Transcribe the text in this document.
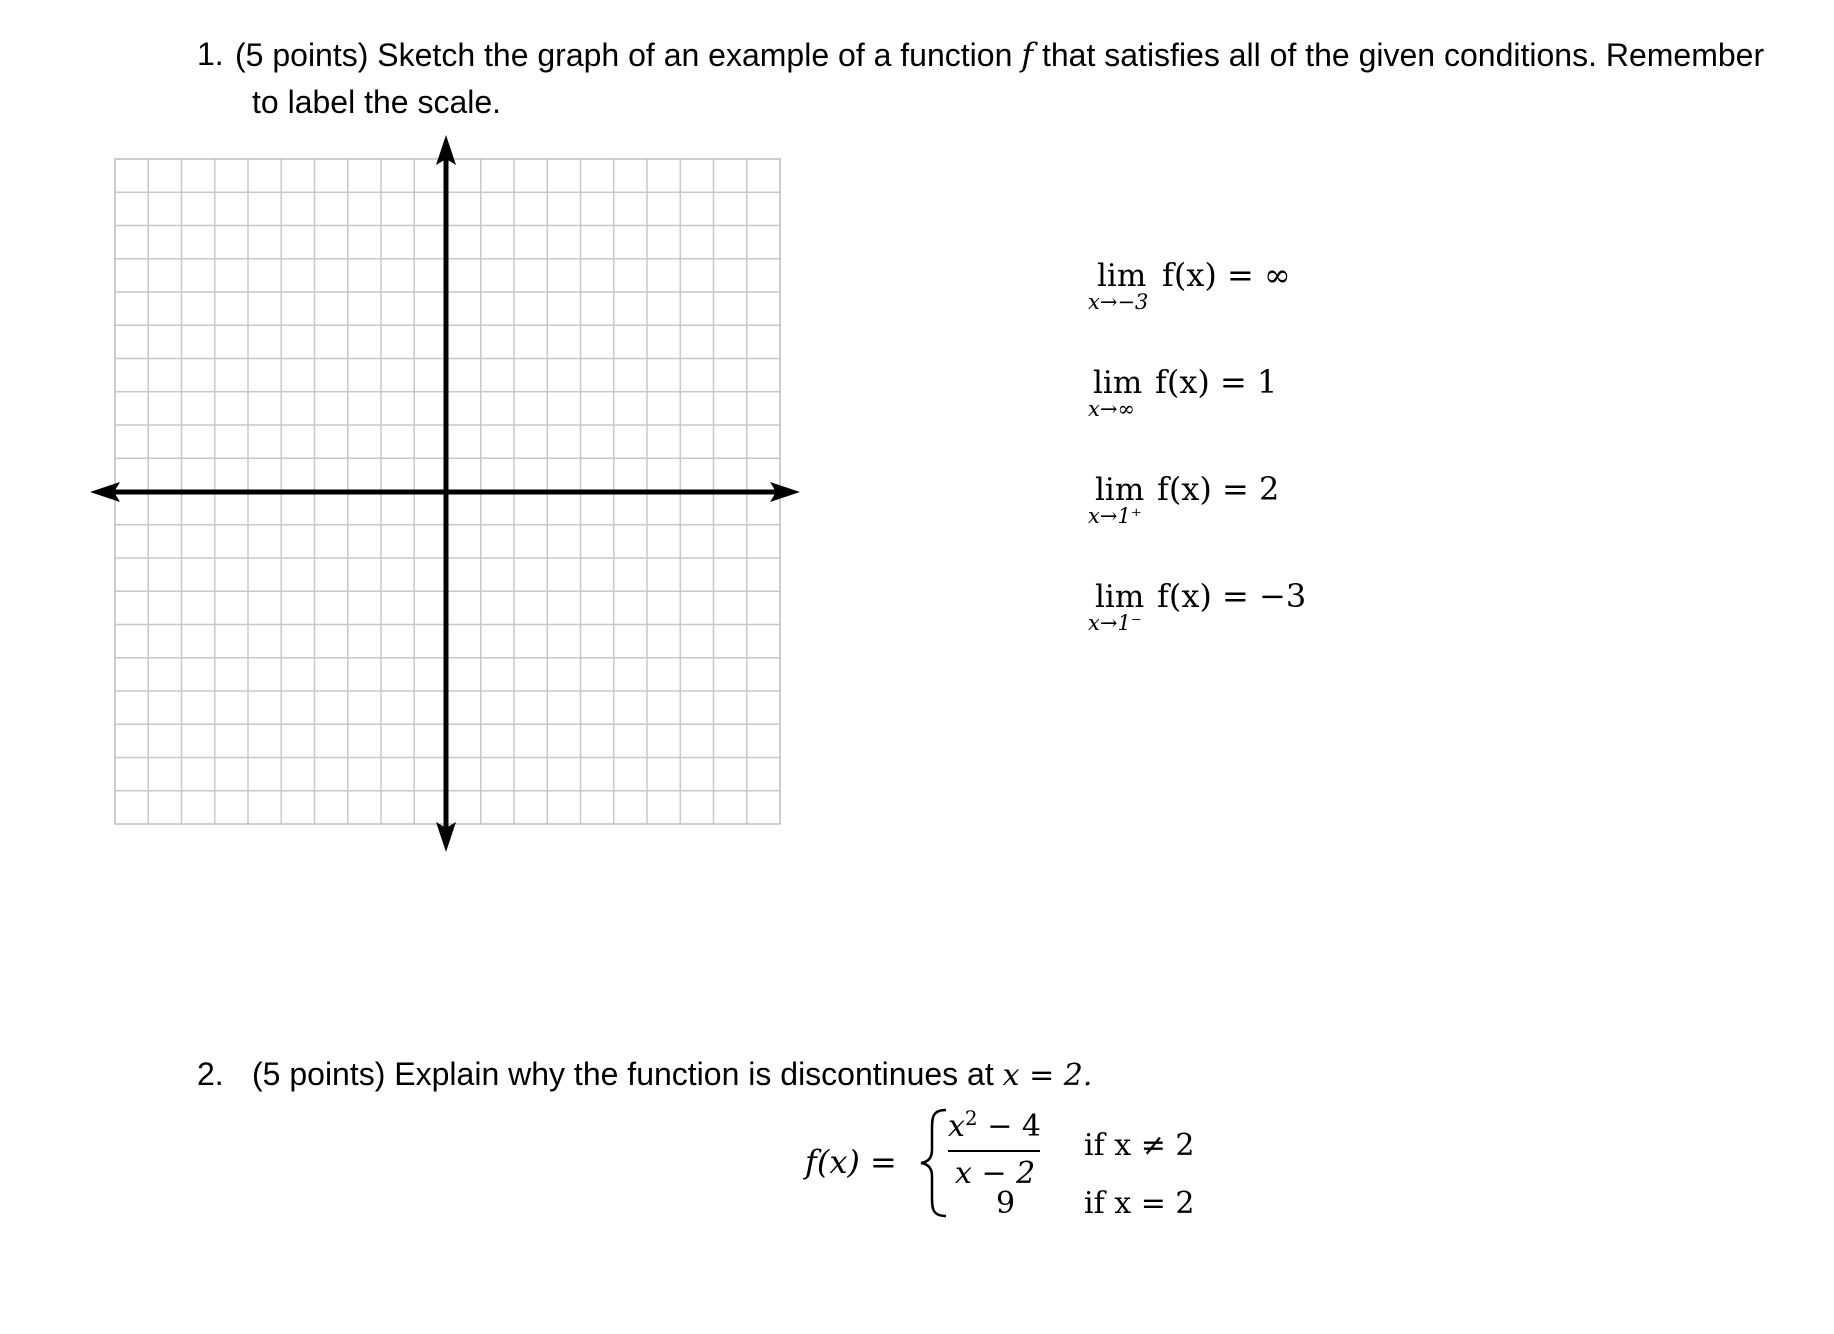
1. (5 points) Sketch the graph of an example of a function f that satisfies all of the given conditions. Remember
to label the scale.
lim
x→−3
f(x) = ∞
lim
x→∞
f(x) = 1
lim
x→1⁺
f(x) = 2
lim
x→1⁻
f(x) = −3
2. (5 points) Explain why the function is discontinues at x = 2.
f(x) =
$x^2 - 4$
x − 2
if x ≠ 2
9 if x = 2
